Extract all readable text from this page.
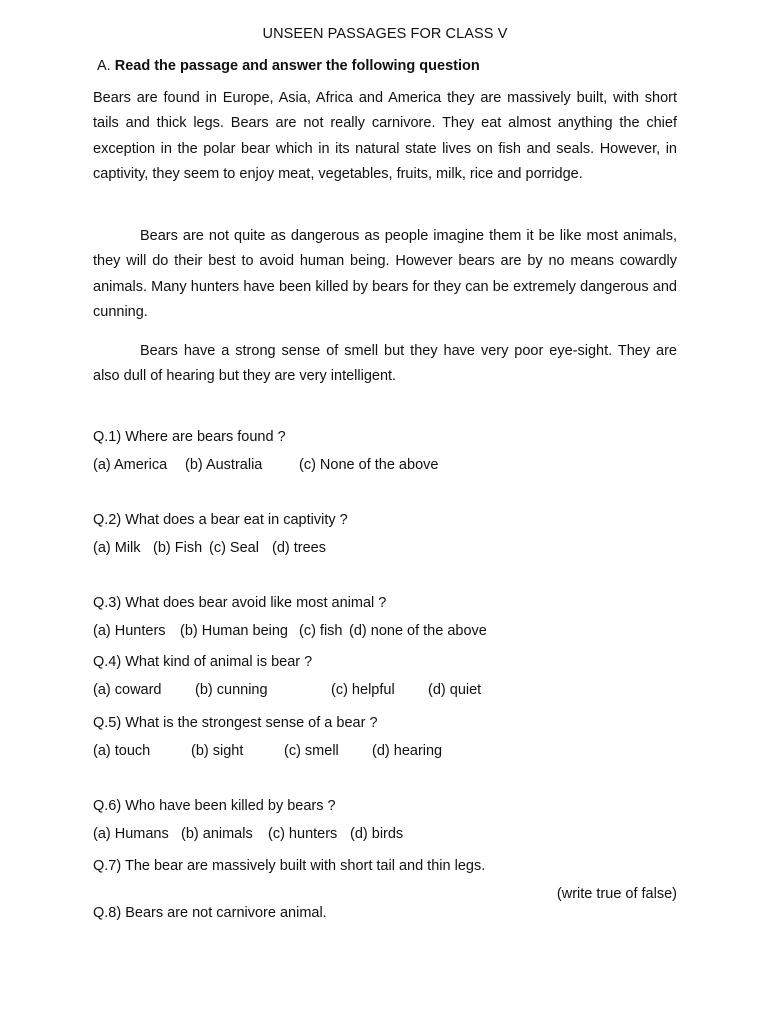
UNSEEN PASSAGES FOR CLASS V
A. Read the passage and answer the following question

Bears are found in Europe, Asia, Africa and America they are massively built, with short tails and thick legs. Bears are not really carnivore. They eat almost anything the chief exception in the polar bear which in its natural state lives on fish and seals. However, in captivity, they seem to enjoy meat, vegetables, fruits, milk, rice and porridge.

Bears are not quite as dangerous as people imagine them it be like most animals, they will do their best to avoid human being. However bears are by no means cowardly animals. Many hunters have been killed by bears for they can be extremely dangerous and cunning.

Bears have a strong sense of smell but they have very poor eye-sight. They are also dull of hearing but they are very intelligent.

Q.1) Where are bears found ?
(a) America (b) Australia	(c) None of the above
Q.2) What does a bear eat in captivity ?
(a) Milk (b) Fish (c) Seal (d) trees
Q.3) What does bear avoid like most animal ?
(a) Hunters (b) Human being (c) fish (d) none of the above
Q.4) What kind of animal is bear ?
(a) coward (b) cunning	(c) helpful (d) quiet
Q.5) What is the strongest sense of a bear ?
(a) touch	(b) sight	(c) smell (d) hearing
Q.6) Who have been killed by bears ?
(a) Humans (b) animals (c) hunters (d) birds
Q.7) The bear are massively built with short tail and thin legs.
(write true of false)
Q.8) Bears are not carnivore animal.
